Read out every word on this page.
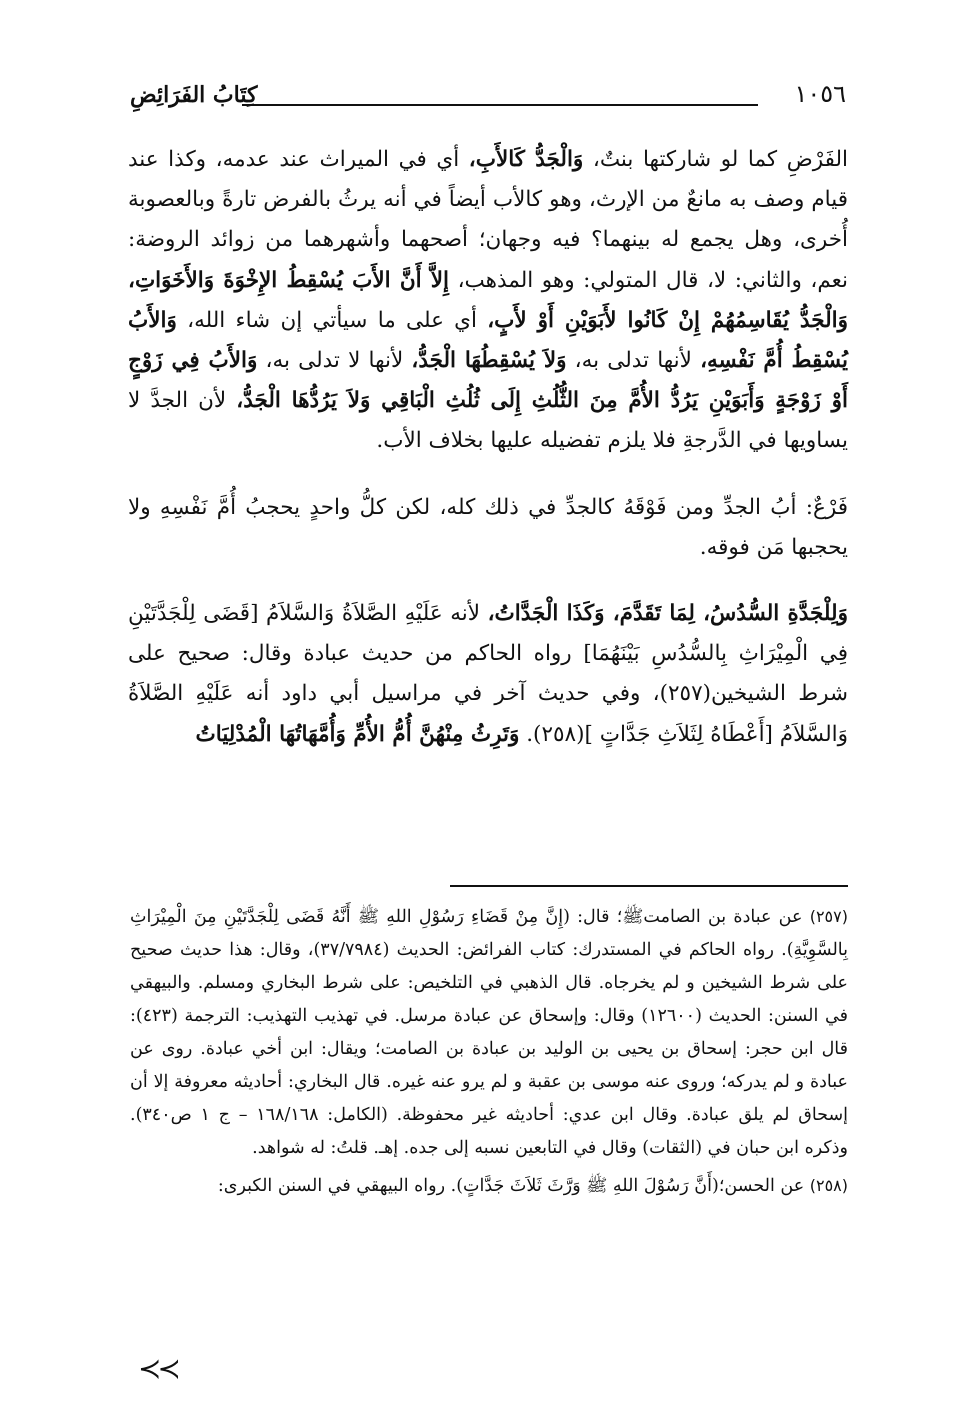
١٠٥٦
كِتَابُ الفَرَائِضِ

الفَرْضِ كما لو شاركتها بنتٌ، وَالْجَدُّ كَالأَبِ، أي في الميراث عند عدمه، وكذا عند قيام وصف به مانعٌ من الإرث، وهو كالأب أيضاً في أنه يرثُ بالفرض تارةً وبالعصوبة أُخرى، وهل يجمع له بينهما؟ فيه وجهان؛ أصحهما وأشهرهما من زوائد الروضة: نعم، والثاني: لا، قال المتولي: وهو المذهب، إِلاَّ أَنَّ الأَبَ يُسْقِطُ الإِخْوَةَ وَالأَخَوَاتِ، وَالْجَدُّ يُقَاسِمُهُمْ إِنْ كَانُوا لأَبَوَيْنِ أَوْ لأَبٍ، أي على ما سيأتي إن شاء الله، وَالأَبُ يُسْقِطُ أُمَّ نَفْسِهِ، لأنها تدلى به، وَلاَ يُسْقِطُهَا الْجَدُّ، لأنها لا تدلى به، وَالأَبُ فِي زَوْجٍ أَوْ زَوْجَةٍ وَأَبَوَيْنِ يَرُدُّ الأُمَّ مِنَ الثُّلُثِ إِلَى ثُلُثِ الْبَاقِي وَلاَ يَرُدُّهَا الْجَدُّ، لأن الجدَّ لا يساويها في الدَّرجةِ فلا يلزم تفضيله عليها بخلاف الأب.

فَرْعٌ: أبُ الجدِّ ومن فَوْقَهُ كالجدِّ في ذلك كله، لكن كلُّ واحدٍ يحجبُ أُمَّ نَفْسِهِ ولا يحجبها مَن فوقه.

وَلِلْجَدَّةِ السُّدُسُ، لِمَا تَقَدَّمَ، وَكَذَا الْجَدَّاتُ، لأنه عَلَيْهِ الصَّلاَةُ وَالسَّلاَمُ [قَضَى لِلْجَدَّتَيْنِ فِي الْمِيْرَاثِ بِالسُّدُسِ بَيْنَهُمَا] رواه الحاكم من حديث عبادة وقال: صحيح على شرط الشيخين(٢٥٧)، وفي حديث آخر في مراسيل أبي داود أنه عَلَيْهِ الصَّلاَةُ وَالسَّلاَمُ [أَعْطَاهُ لِثَلاَثِ جَدَّاتٍ ](٢٥٨). وَتَرِثُ مِنْهُنَّ أُمُّ الأُمِّ وَأُمَّهَاتُهَا الْمُدْلِيَاتُ

(٢٥٧) عن عبادة بن الصامتﷺ؛ قال: (إِنَّ مِنْ قَضَاءِ رَسُوْلِ اللهِ ﷺ أَنَّهُ قَضَى لِلْجَدَّتَيْنِ مِنَ الْمِيْرَاثِ بِالسَّوِيَّةِ). رواه الحاكم في المستدرك: كتاب الفرائض: الحديث (٣٧/٧٩٨٤)، وقال: هذا حديث صحيح على شرط الشيخين و لم يخرجاه. قال الذهبي في التلخيص: على شرط البخاري ومسلم. والبيهقي في السنن: الحديث (١٢٦٠٠) وقال: وإسحاق عن عبادة مرسل. في تهذيب التهذيب: الترجمة (٤٢٣): قال ابن حجر: إسحاق بن يحيى بن الوليد بن عبادة بن الصامت؛ ويقال: ابن أخي عبادة. روى عن عبادة و لم يدركه؛ وروى عنه موسى بن عقبة و لم يرو عنه غيره. قال البخاري: أحاديثه معروفة إلا أن إسحاق لم يلق عبادة. وقال ابن عدي: أحاديثه غير محفوظة. (الكامل: ١٦٨/١٦٨ – ج ١ ص٣٤٠). وذكره ابن حبان في (الثقات) وقال في التابعين نسبه إلى جده. إهـ. قلتُ: له شواهد.

(٢٥٨) عن الحسن؛(أَنَّ رَسُوْلَ اللهِ ﷺ وَرَّثَ ثَلاَثَ جَدَّاتٍ). رواه البيهقي في السنن الكبرى:

≺≺
